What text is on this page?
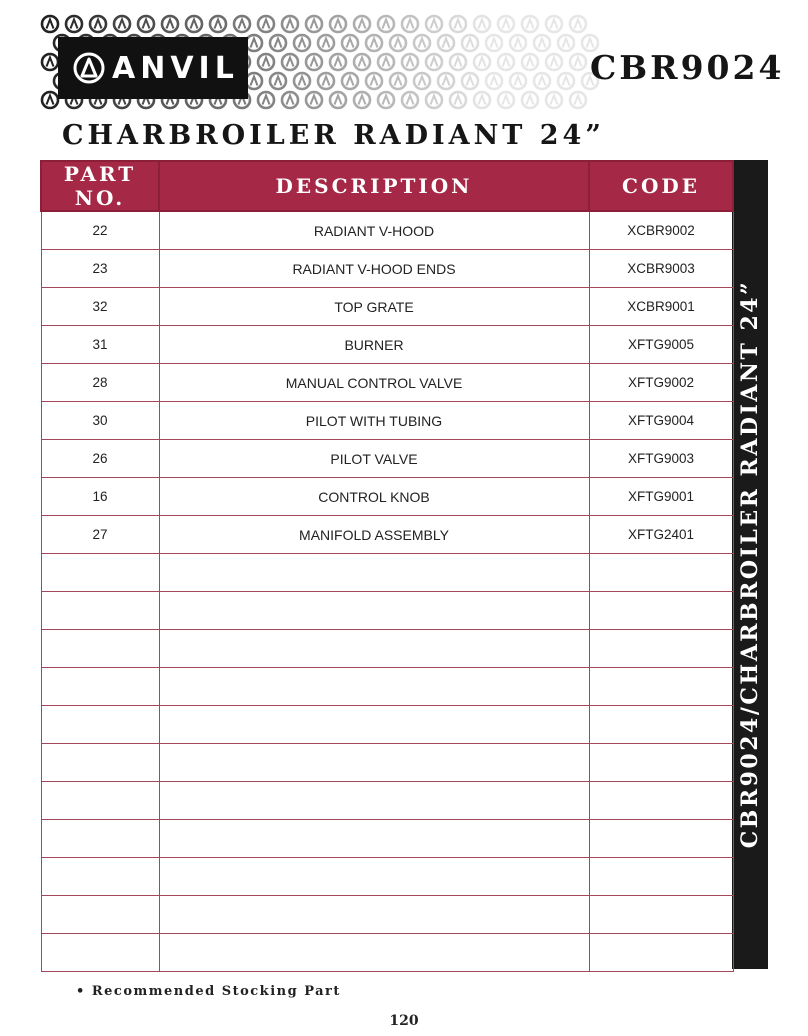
ANVIL	CBR9024
CHARBROILER RADIANT 24”
CBR9024/CHARBROILER RADIANT 24”
PART NO.	DESCRIPTION	CODE
22	RADIANT V-HOOD	XCBR9002
23	RADIANT V-HOOD ENDS	XCBR9003
32	TOP GRATE	XCBR9001
31	BURNER	XFTG9005
28	MANUAL CONTROL VALVE	XFTG9002
30	PILOT WITH TUBING	XFTG9004
26	PILOT VALVE	XFTG9003
16	CONTROL KNOB	XFTG9001
27	MANIFOLD ASSEMBLY	XFTG2401

• Recommended Stocking Part
120
